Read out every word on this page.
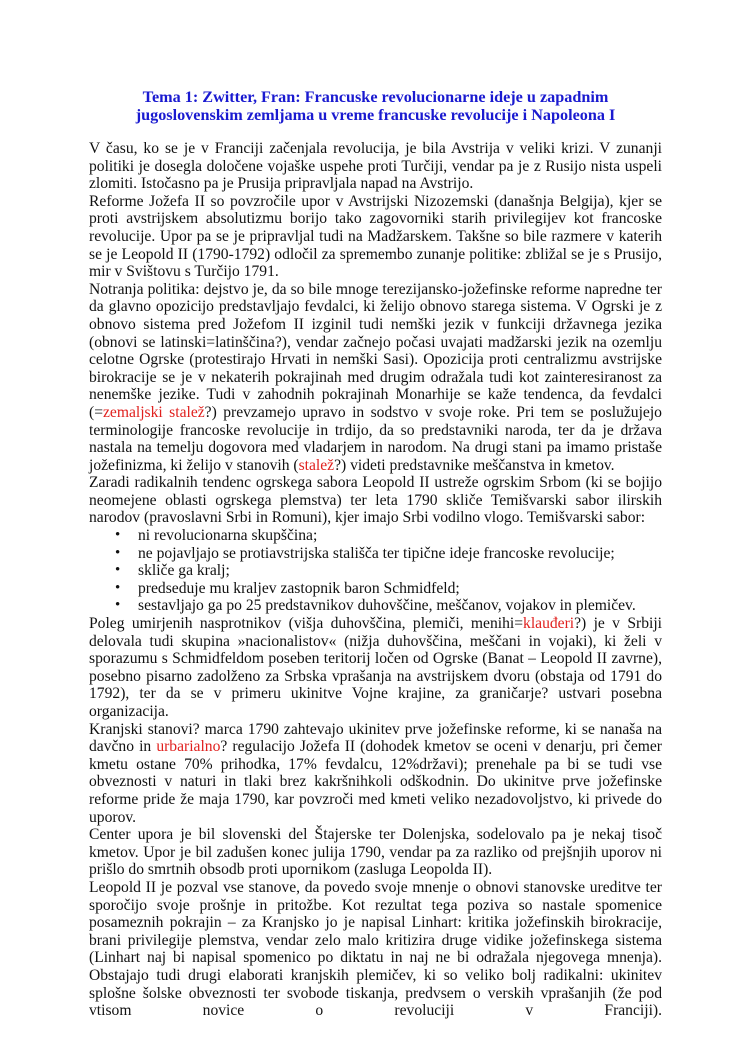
Tema 1: Zwitter, Fran: Francuske revolucionarne ideje u zapadnim
jugoslovenskim zemljama u vreme francuske revolucije i Napoleona I

V času, ko se je v Franciji začenjala revolucija, je bila Avstrija v veliki krizi. V zunanji politiki je dosegla določene vojaške uspehe proti Turčiji, vendar pa je z Rusijo nista uspeli zlomiti. Istočasno pa je Prusija pripravljala napad na Avstrijo.

Reforme Jožefa II so povzročile upor v Avstrijski Nizozemski (današnja Belgija), kjer se proti avstrijskem absolutizmu borijo tako zagovorniki starih privilegijev kot francoske revolucije. Upor pa se je pripravljal tudi na Madžarskem. Takšne so bile razmere v katerih se je Leopold II (1790-1792) odločil za spremembo zunanje politike: zbližal se je s Prusijo, mir v Svištovu s Turčijo 1791.

Notranja politika: dejstvo je, da so bile mnoge terezijansko-jožefinske reforme napredne ter da glavno opozicijo predstavljajo fevdalci, ki želijo obnovo starega sistema. V Ogrski je z obnovo sistema pred Jožefom II izginil tudi nemški jezik v funkciji državnega jezika (obnovi se latinski=latinščina?), vendar začnejo počasi uvajati madžarski jezik na ozemlju celotne Ogrske (protestirajo Hrvati in nemški Sasi). Opozicija proti centralizmu avstrijske birokracije se je v nekaterih pokrajinah med drugim odražala tudi kot zainteresiranost za nenemške jezike. Tudi v zahodnih pokrajinah Monarhije se kaže tendenca, da fevdalci (=zemaljski stalež?) prevzamejo upravo in sodstvo v svoje roke. Pri tem se poslužujejo terminologije francoske revolucije in trdijo, da so predstavniki naroda, ter da je država nastala na temelju dogovora med vladarjem in narodom. Na drugi stani pa imamo pristaše jožefinizma, ki želijo v stanovih (stalež?) videti predstavnike meščanstva in kmetov.

Zaradi radikalnih tendenc ogrskega sabora Leopold II ustreže ogrskim Srbom (ki se bojijo neomejene oblasti ogrskega plemstva) ter leta 1790 skliče Temišvarski sabor ilirskih narodov (pravoslavni Srbi in Romuni), kjer imajo Srbi vodilno vlogo. Temišvarski sabor:

• ni revolucionarna skupščina;
• ne pojavljajo se protiavstrijska stališča ter tipične ideje francoske revolucije;
• skliče ga kralj;
• predseduje mu kraljev zastopnik baron Schmidfeld;
• sestavljajo ga po 25 predstavnikov duhovščine, meščanov, vojakov in plemičev.

Poleg umirjenih nasprotnikov (višja duhovščina, plemiči, menihi=klauđeri?) je v Srbiji delovala tudi skupina »nacionalistov« (nižja duhovščina, meščani in vojaki), ki želi v sporazumu s Schmidfeldom poseben teritorij ločen od Ogrske (Banat – Leopold II zavrne), posebno pisarno zadolženo za Srbska vprašanja na avstrijskem dvoru (obstaja od 1791 do 1792), ter da se v primeru ukinitve Vojne krajine, za graničarje? ustvari posebna organizacija.

Kranjski stanovi? marca 1790 zahtevajo ukinitev prve jožefinske reforme, ki se nanaša na davčno in urbarialno? regulacijo Jožefa II (dohodek kmetov se oceni v denarju, pri čemer kmetu ostane 70% prihodka, 17% fevdalcu, 12%državi); prenehale pa bi se tudi vse obveznosti v naturi in tlaki brez kakršnihkoli odškodnin. Do ukinitve prve jožefinske reforme pride že maja 1790, kar povzroči med kmeti veliko nezadovoljstvo, ki privede do uporov.

Center upora je bil slovenski del Štajerske ter Dolenjska, sodelovalo pa je nekaj tisoč kmetov. Upor je bil zadušen konec julija 1790, vendar pa za razliko od prejšnjih uporov ni prišlo do smrtnih obsodb proti upornikom (zasluga Leopolda II).

Leopold II je pozval vse stanove, da povedo svoje mnenje o obnovi stanovske ureditve ter sporočijo svoje prošnje in pritožbe. Kot rezultat tega poziva so nastale spomenice posameznih pokrajin – za Kranjsko jo je napisal Linhart: kritika jožefinskih birokracije, brani privilegije plemstva, vendar zelo malo kritizira druge vidike jožefinskega sistema (Linhart naj bi napisal spomenico po diktatu in naj ne bi odražala njegovega mnenja). Obstajajo tudi drugi elaborati kranjskih plemičev, ki so veliko bolj radikalni: ukinitev splošne šolske obveznosti ter svobode tiskanja, predvsem o verskih vprašanjih (že pod vtisom novice o revoluciji v Franciji).
